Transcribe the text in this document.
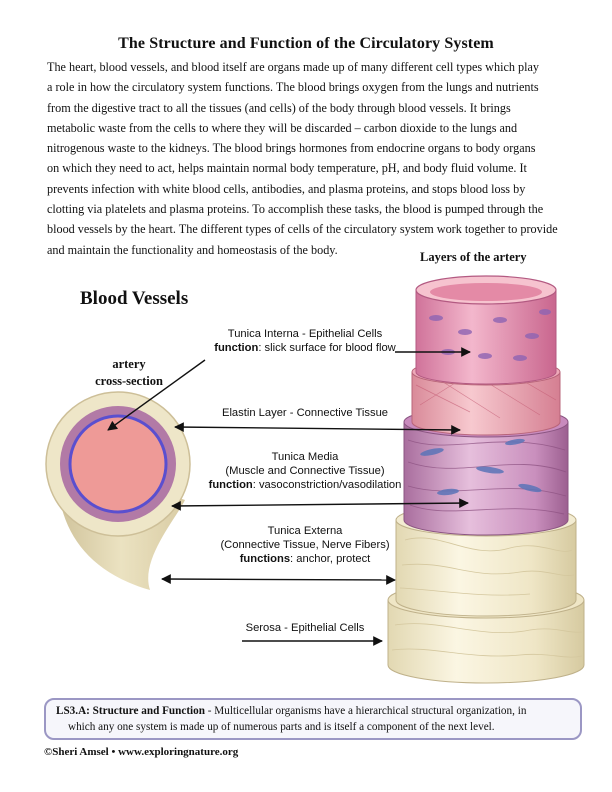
The Structure and Function of the Circulatory System
The heart, blood vessels, and blood itself are organs made up of many different cell types which play
a role in how the circulatory system functions. The blood brings oxygen from the lungs and nutrients
from the digestive tract to all the tissues (and cells) of the body through blood vessels. It brings
metabolic waste from the cells to where they will be discarded – carbon dioxide to the lungs and
nitrogenous waste to the kidneys. The blood brings hormones from endocrine organs to body organs
on which they need to act, helps maintain normal body temperature, pH, and body fluid volume. It
prevents infection with white blood cells, antibodies, and plasma proteins, and stops blood loss by
clotting via platelets and plasma proteins. To accomplish these tasks, the blood is pumped through the
blood vessels by the heart. The different types of cells of the circulatory system work together to provide
and maintain the functionality and homeostasis of the body.
Layers of the artery
Blood Vessels
artery
cross-section
Tunica Interna - Epithelial Cells
function: slick surface for blood flow
Elastin Layer - Connective Tissue
Tunica Media
(Muscle and Connective Tissue)
function: vasoconstriction/vasodilation
Tunica Externa
(Connective Tissue, Nerve Fibers)
functions: anchor, protect
Serosa - Epithelial Cells
LS3.A: Structure and Function - Multicellular organisms have a hierarchical structural organization, in
which any one system is made up of numerous parts and is itself a component of the next level.
©Sheri Amsel • www.exploringnature.org
